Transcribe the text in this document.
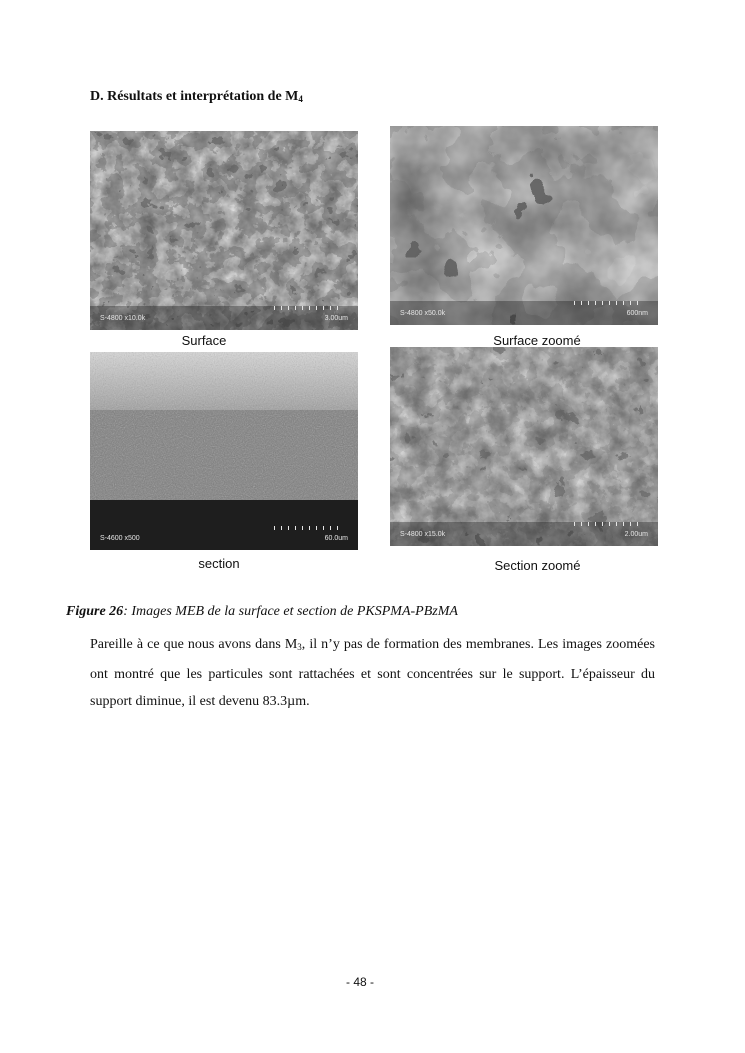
D. Résultats et interprétation de $M_4$
S-4800 x10.0k	3.00um
S-4800 x50.0k	600nm
S-4600 x500	60.0um
S-4800 x15.0k	2.00um
Surface	Surface zoomé
section	Section zoomé
Figure 26: Images MEB de la surface et section de PKSPMA-PBzMA
Pareille à ce que nous avons dans $M_3$, il n’y pas de formation des membranes. Les images zoomées ont montré que les particules sont rattachées et sont concentrées sur le support. L’épaisseur du support diminue, il est devenu 83.3µm.
- 48 -
